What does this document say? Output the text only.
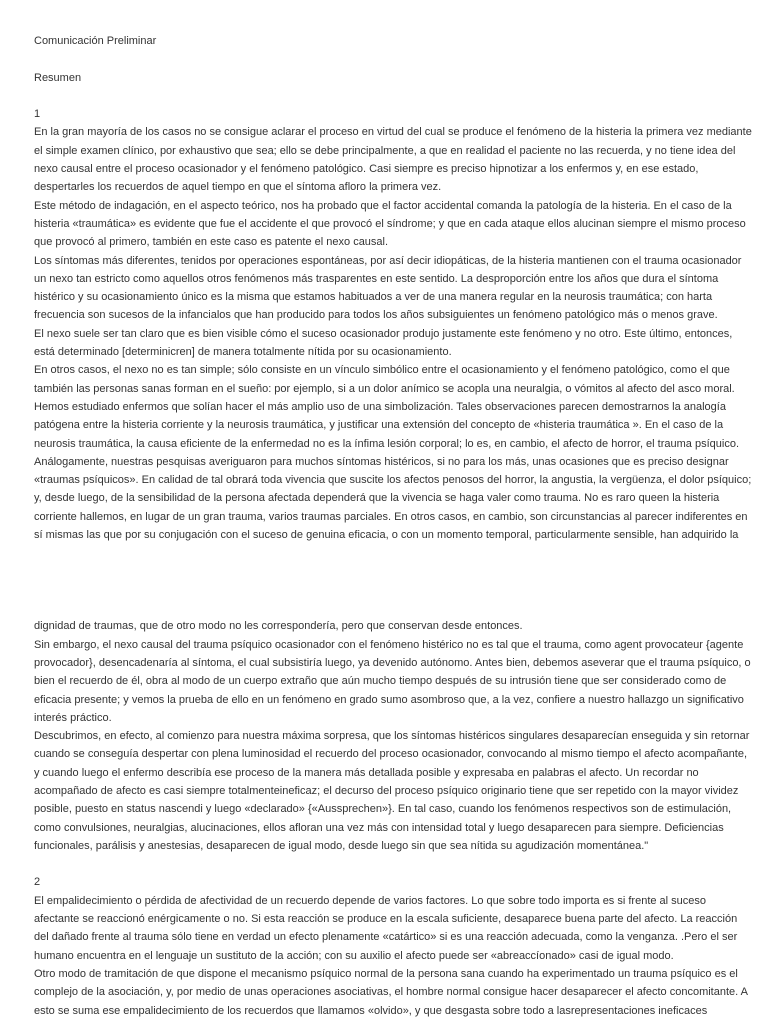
Comunicación Preliminar
Resumen
1
En la gran mayoría de los casos no se consigue aclarar el proceso en virtud del cual se produce el fenómeno de la histeria la primera vez mediante
el simple examen clínico, por exhaustivo que sea; ello se debe principalmente, a que en realidad el paciente no las recuerda, y no tiene idea del
nexo causal entre el proceso ocasionador y el fenómeno patológico. Casi siempre es preciso hipnotizar a los enfermos y, en ese estado,
despertarles los recuerdos de aquel tiempo en que el síntoma afloro la primera vez.
Este método de indagación, en el aspecto teórico, nos ha probado que el factor accidental comanda la patología de la histeria. En el caso de la
histeria «traumática» es evidente que fue el accidente el que provocó el síndrome; y que en cada ataque ellos alucinan siempre el mismo proceso
que provocó al primero, también en este caso es patente el nexo causal.
Los síntomas más diferentes, tenidos por operaciones espontáneas, por así decir idiopáticas, de la histeria mantienen con el trauma ocasionador
un nexo tan estricto como aquellos otros fenómenos más trasparentes en este sentido. La desproporción entre los años que dura el síntoma
histérico y su ocasionamiento único es la misma que estamos habituados a ver de una manera regular en la neurosis traumática; con harta
frecuencia son sucesos de la infancialos que han producido para todos los años subsiguientes un fenómeno patológico más o menos grave.
El nexo suele ser tan claro que es bien visible cómo el suceso ocasionador produjo justamente este fenómeno y no otro. Este último, entonces,
está determinado [determinicren] de manera totalmente nítida por su ocasionamiento.
En otros casos, el nexo no es tan simple; sólo consiste en un vínculo simbólico entre el ocasionamiento y el fenómeno patológico, como el que
también las personas sanas forman en el sueño: por ejemplo, si a un dolor anímico se acopla una neuralgia, o vómitos al afecto del asco moral.
Hemos estudiado enfermos que solían hacer el más amplio uso de una simbolización. Tales observaciones parecen demostrarnos la analogía
patógena entre la histeria corriente y la neurosis traumática, y justificar una extensión del concepto de «histeria traumática ». En el caso de la
neurosis traumática, la causa eficiente de la enfermedad no es la ínfima lesión corporal; lo es, en cambio, el afecto de horror, el trauma psíquico.
Análogamente, nuestras pesquisas averiguaron para muchos síntomas histéricos, si no para los más, unas ocasiones que es preciso designar
«traumas psíquicos». En calidad de tal obrará toda vivencia que suscite los afectos penosos del horror, la angustia, la vergüenza, el dolor psíquico;
y, desde luego, de la sensibilidad de la persona afectada dependerá que la vivencia se haga valer como trauma. No es raro queen la histeria
corriente hallemos, en lugar de un gran trauma, varios traumas parciales. En otros casos, en cambio, son circunstancias al parecer indiferentes en
sí mismas las que por su conjugación con el suceso de genuina eficacia, o con un momento temporal, particularmente sensible, han adquirido la
dignidad de traumas, que de otro modo no les correspondería, pero que conservan desde entonces.
Sin embargo, el nexo causal del trauma psíquico ocasionador con el fenómeno histérico no es tal que el trauma, como agent provocateur {agente
provocador}, desencadenaría al síntoma, el cual subsistiría luego, ya devenido autónomo. Antes bien, debemos aseverar que el trauma psíquico, o
bien el recuerdo de él, obra al modo de un cuerpo extraño que aún mucho tiempo después de su intrusión tiene que ser considerado como de
eficacia presente; y vemos la prueba de ello en un fenómeno en grado sumo asombroso que, a la vez, confiere a nuestro hallazgo un significativo
interés práctico.
Descubrimos, en efecto, al comienzo para nuestra máxima sorpresa, que los síntomas histéricos singulares desaparecían enseguida y sin retornar
cuando se conseguía despertar con plena luminosidad el recuerdo del proceso ocasionador, convocando al mismo tiempo el afecto acompañante,
y cuando luego el enfermo describía ese proceso de la manera más detallada posible y expresaba en palabras el afecto. Un recordar no
acompañado de afecto es casi siempre totalmenteineficaz; el decurso del proceso psíquico originario tiene que ser repetido con la mayor vividez
posible, puesto en status nascendi y luego «declarado» {«Aussprechen»}. En tal caso, cuando los fenómenos respectivos son de estimulación,
como convulsiones, neuralgias, alucinaciones, ellos afloran una vez más con intensidad total y luego desaparecen para siempre. Deficiencias
funcionales, parálisis y anestesias, desaparecen de igual modo, desde luego sin que sea nítida su agudización momentánea."
2
El empalidecimiento o pérdida de afectividad de un recuerdo depende de varios factores. Lo que sobre todo importa es si frente al suceso
afectante se reaccionó enérgicamente o no. Si esta reacción se produce en la escala suficiente, desaparece buena parte del afecto. La reacción
del dañado frente al trauma sólo tiene en verdad un efecto plenamente «catártico» si es una reacción adecuada, como la venganza. .Pero el ser
humano encuentra en el lenguaje un sustituto de la acción; con su auxilio el afecto puede ser «abreaccíonado» casi de igual modo.
Otro modo de tramitación de que dispone el mecanismo psíquico normal de la persona sana cuando ha experimentado un trauma psíquico es el
complejo de la asociación, y, por medio de unas operaciones asociativas, el hombre normal consigue hacer desaparecer el afecto concomitante. A
esto se suma ese empalidecimiento de los recuerdos que llamamos «olvido», y que desgasta sobre todo a lasrepresentaciones ineficaces
